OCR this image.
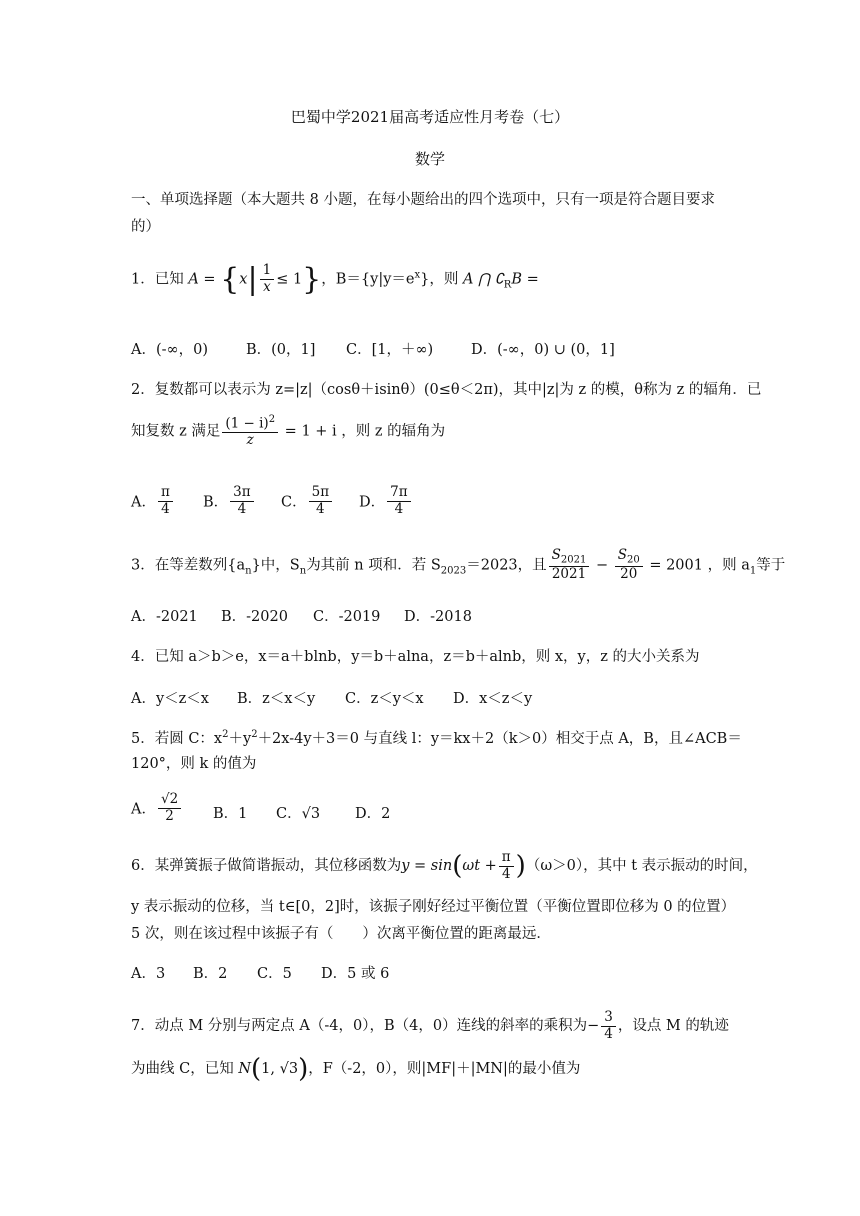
巴蜀中学2021届高考适应性月考卷（七）
数学
一、单项选择题（本大题共 8 小题，在每小题给出的四个选项中，只有一项是符合题目要求
的）
1．已知 $A = \{x| \frac{1}{x} \le 1\}$，$B=\{y|y=e^x\}$，则 A ⋂ $∁_RB$ =
A．(-∞，0)	B．(0，1] C．[1，＋∞)	D．(-∞，0) ∪ (0，1]
2．复数都可以表示为 z=|z|（cosθ＋isinθ）(0≤θ＜2π)，其中|z|为 z 的模，θ称为 z 的辐角．已
知复数 z 满足 $\frac{(1 - i)^2}{z} = 1 + i$ ，则 z 的辐角为
A． $\frac{\pi}{4}$ B． $\frac{3\pi}{4}$ C． $\frac{5\pi}{4}$ D． $\frac{7\pi}{4}$
3．在等差数列$\{a_n\}$中，$S_n$为其前 n 项和．若 $S_{2023}=2023$，且 $\frac{S_{2021}}{2021} - \frac{S_{20}}{20} = 2001$ ，则 $a_1$等于
A．-2021 B．-2020 C．-2019 D．-2018
4．已知 a＞b＞e，x＝a＋blnb，y＝b＋alna，z＝b＋alnb，则 x，y，z 的大小关系为
A．y＜z＜x B．z＜x＜y C．z＜y＜x D．x＜z＜y
5．若圆 C：$x^2+y^2+2x-4y+3=0$ 与直线 l：y＝kx＋2（k＞0）相交于点 A，B，且∠ACB＝
120°，则 k 的值为
A． $\frac{√2}{2}$ B．1 C．√3 D．2
6．某弹簧振子做简谐振动，其位移函数为$y = \sin(\omega t + \frac{\pi}{4} )(\omega>0)$，其中 t 表示振动的时间，
y 表示振动的位移，当 t∈[0，2]时，该振子刚好经过平衡位置（平衡位置即位移为 0 的位置）
5 次，则在该过程中该振子有（　　）次离平衡位置的距离最远．
A．3 B．2 C．5 D．5 或 6
7．动点 M 分别与两定点 A（-4，0），B（4，0）连线的斜率的乘积为− $\frac{3}{4}$ ，设点 M 的轨迹
为曲线 C，已知 N(1, √3)，F（-2，0），则|MF|＋|MN|的最小值为
